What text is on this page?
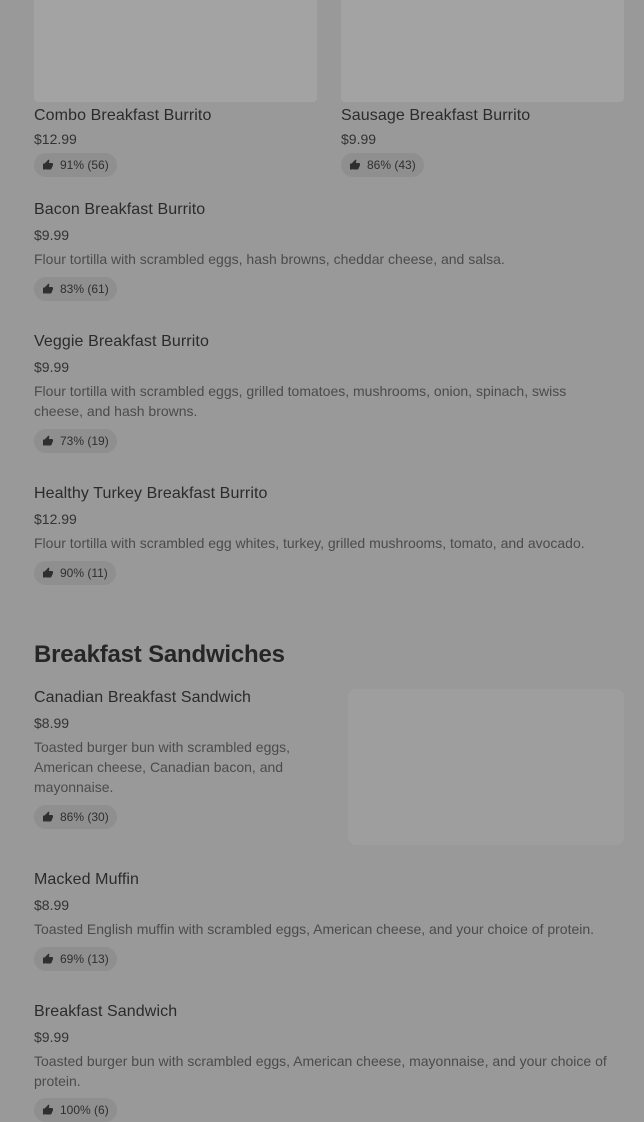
Combo Breakfast Burrito
$12.99
91% (56)
Sausage Breakfast Burrito
$9.99
86% (43)
Bacon Breakfast Burrito
$9.99
Flour tortilla with scrambled eggs, hash browns, cheddar cheese, and salsa.
83% (61)
Veggie Breakfast Burrito
$9.99
Flour tortilla with scrambled eggs, grilled tomatoes, mushrooms, onion, spinach, swiss cheese, and hash browns.
73% (19)
Healthy Turkey Breakfast Burrito
$12.99
Flour tortilla with scrambled egg whites, turkey, grilled mushrooms, tomato, and avocado.
90% (11)
Breakfast Sandwiches
Canadian Breakfast Sandwich
$8.99
Toasted burger bun with scrambled eggs, American cheese, Canadian bacon, and mayonnaise.
86% (30)
Macked Muffin
$8.99
Toasted English muffin with scrambled eggs, American cheese, and your choice of protein.
69% (13)
Breakfast Sandwich
$9.99
Toasted burger bun with scrambled eggs, American cheese, mayonnaise, and your choice of protein.
100% (6)
